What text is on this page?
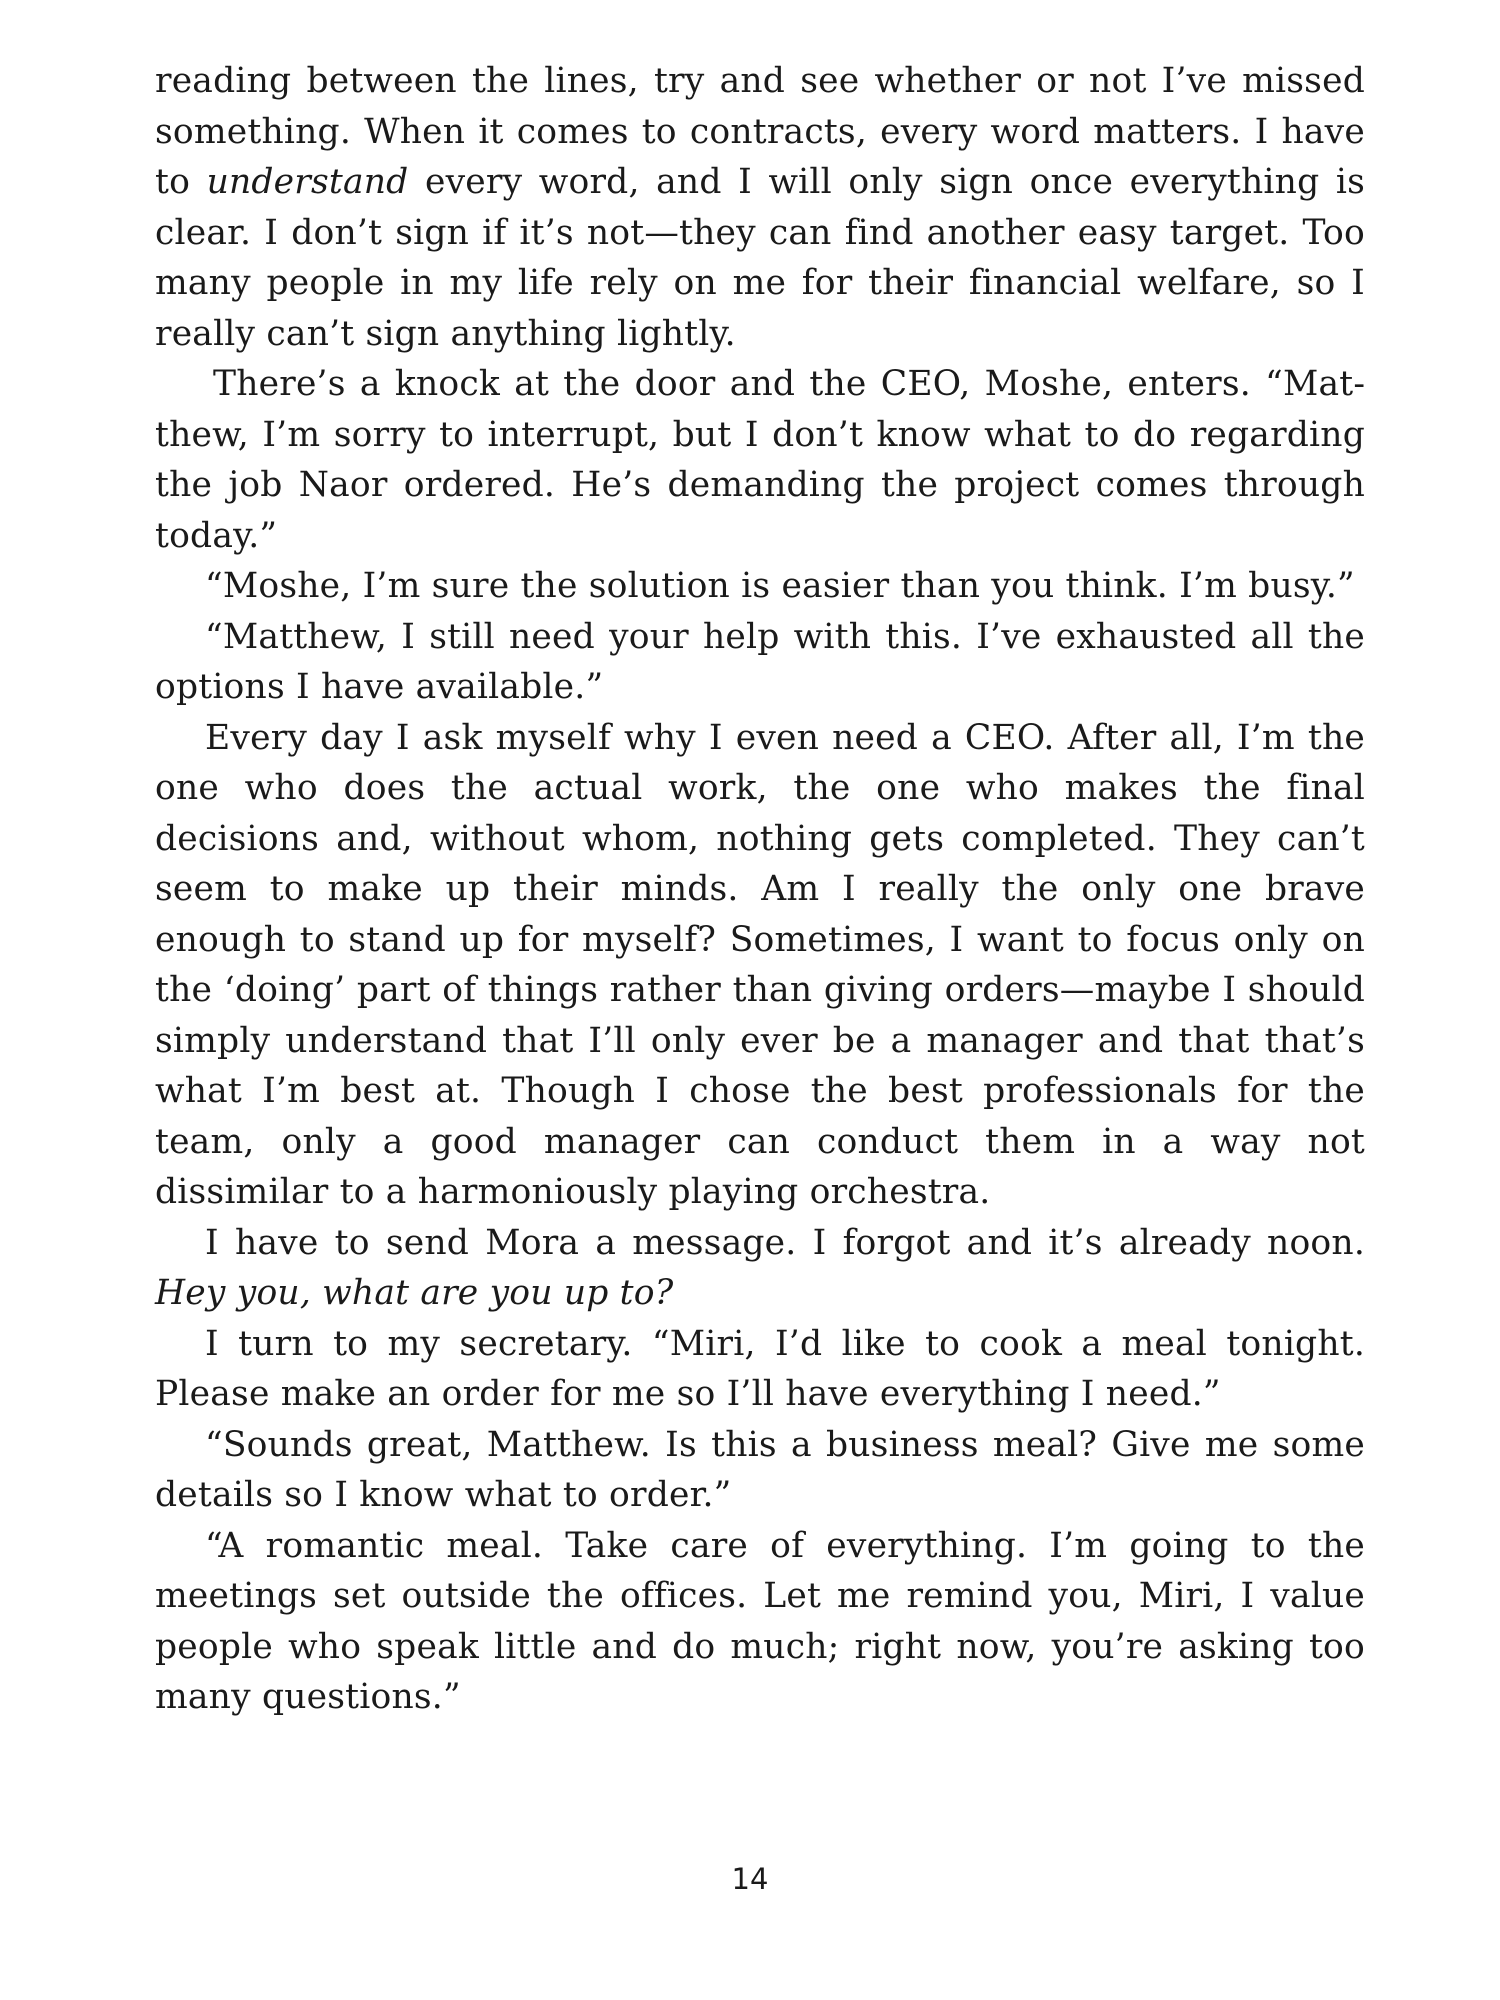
reading between the lines, try and see whether or not I’ve missed something. When it comes to contracts, every word matters. I have to understand every word, and I will only sign once everything is clear. I don’t sign if it’s not—they can find another easy target. Too many people in my life rely on me for their financial welfare, so I really can’t sign anything lightly.

There’s a knock at the door and the CEO, Moshe, enters. “Matthew, I’m sorry to interrupt, but I don’t know what to do regarding the job Naor ordered. He’s demanding the project comes through today.”

“Moshe, I’m sure the solution is easier than you think. I’m busy.”

“Matthew, I still need your help with this. I’ve exhausted all the options I have available.”

Every day I ask myself why I even need a CEO. After all, I’m the one who does the actual work, the one who makes the final decisions and, without whom, nothing gets completed. They can’t seem to make up their minds. Am I really the only one brave enough to stand up for myself? Sometimes, I want to focus only on the ‘doing’ part of things rather than giving orders—maybe I should simply understand that I’ll only ever be a manager and that that’s what I’m best at. Though I chose the best professionals for the team, only a good manager can conduct them in a way not dissimilar to a harmoniously playing orchestra.

I have to send Mora a message. I forgot and it’s already noon. Hey you, what are you up to?

I turn to my secretary. “Miri, I’d like to cook a meal tonight. Please make an order for me so I’ll have everything I need.”

“Sounds great, Matthew. Is this a business meal? Give me some details so I know what to order.”

“A romantic meal. Take care of everything. I’m going to the meetings set outside the offices. Let me remind you, Miri, I value people who speak little and do much; right now, you’re asking too many questions.”

14
